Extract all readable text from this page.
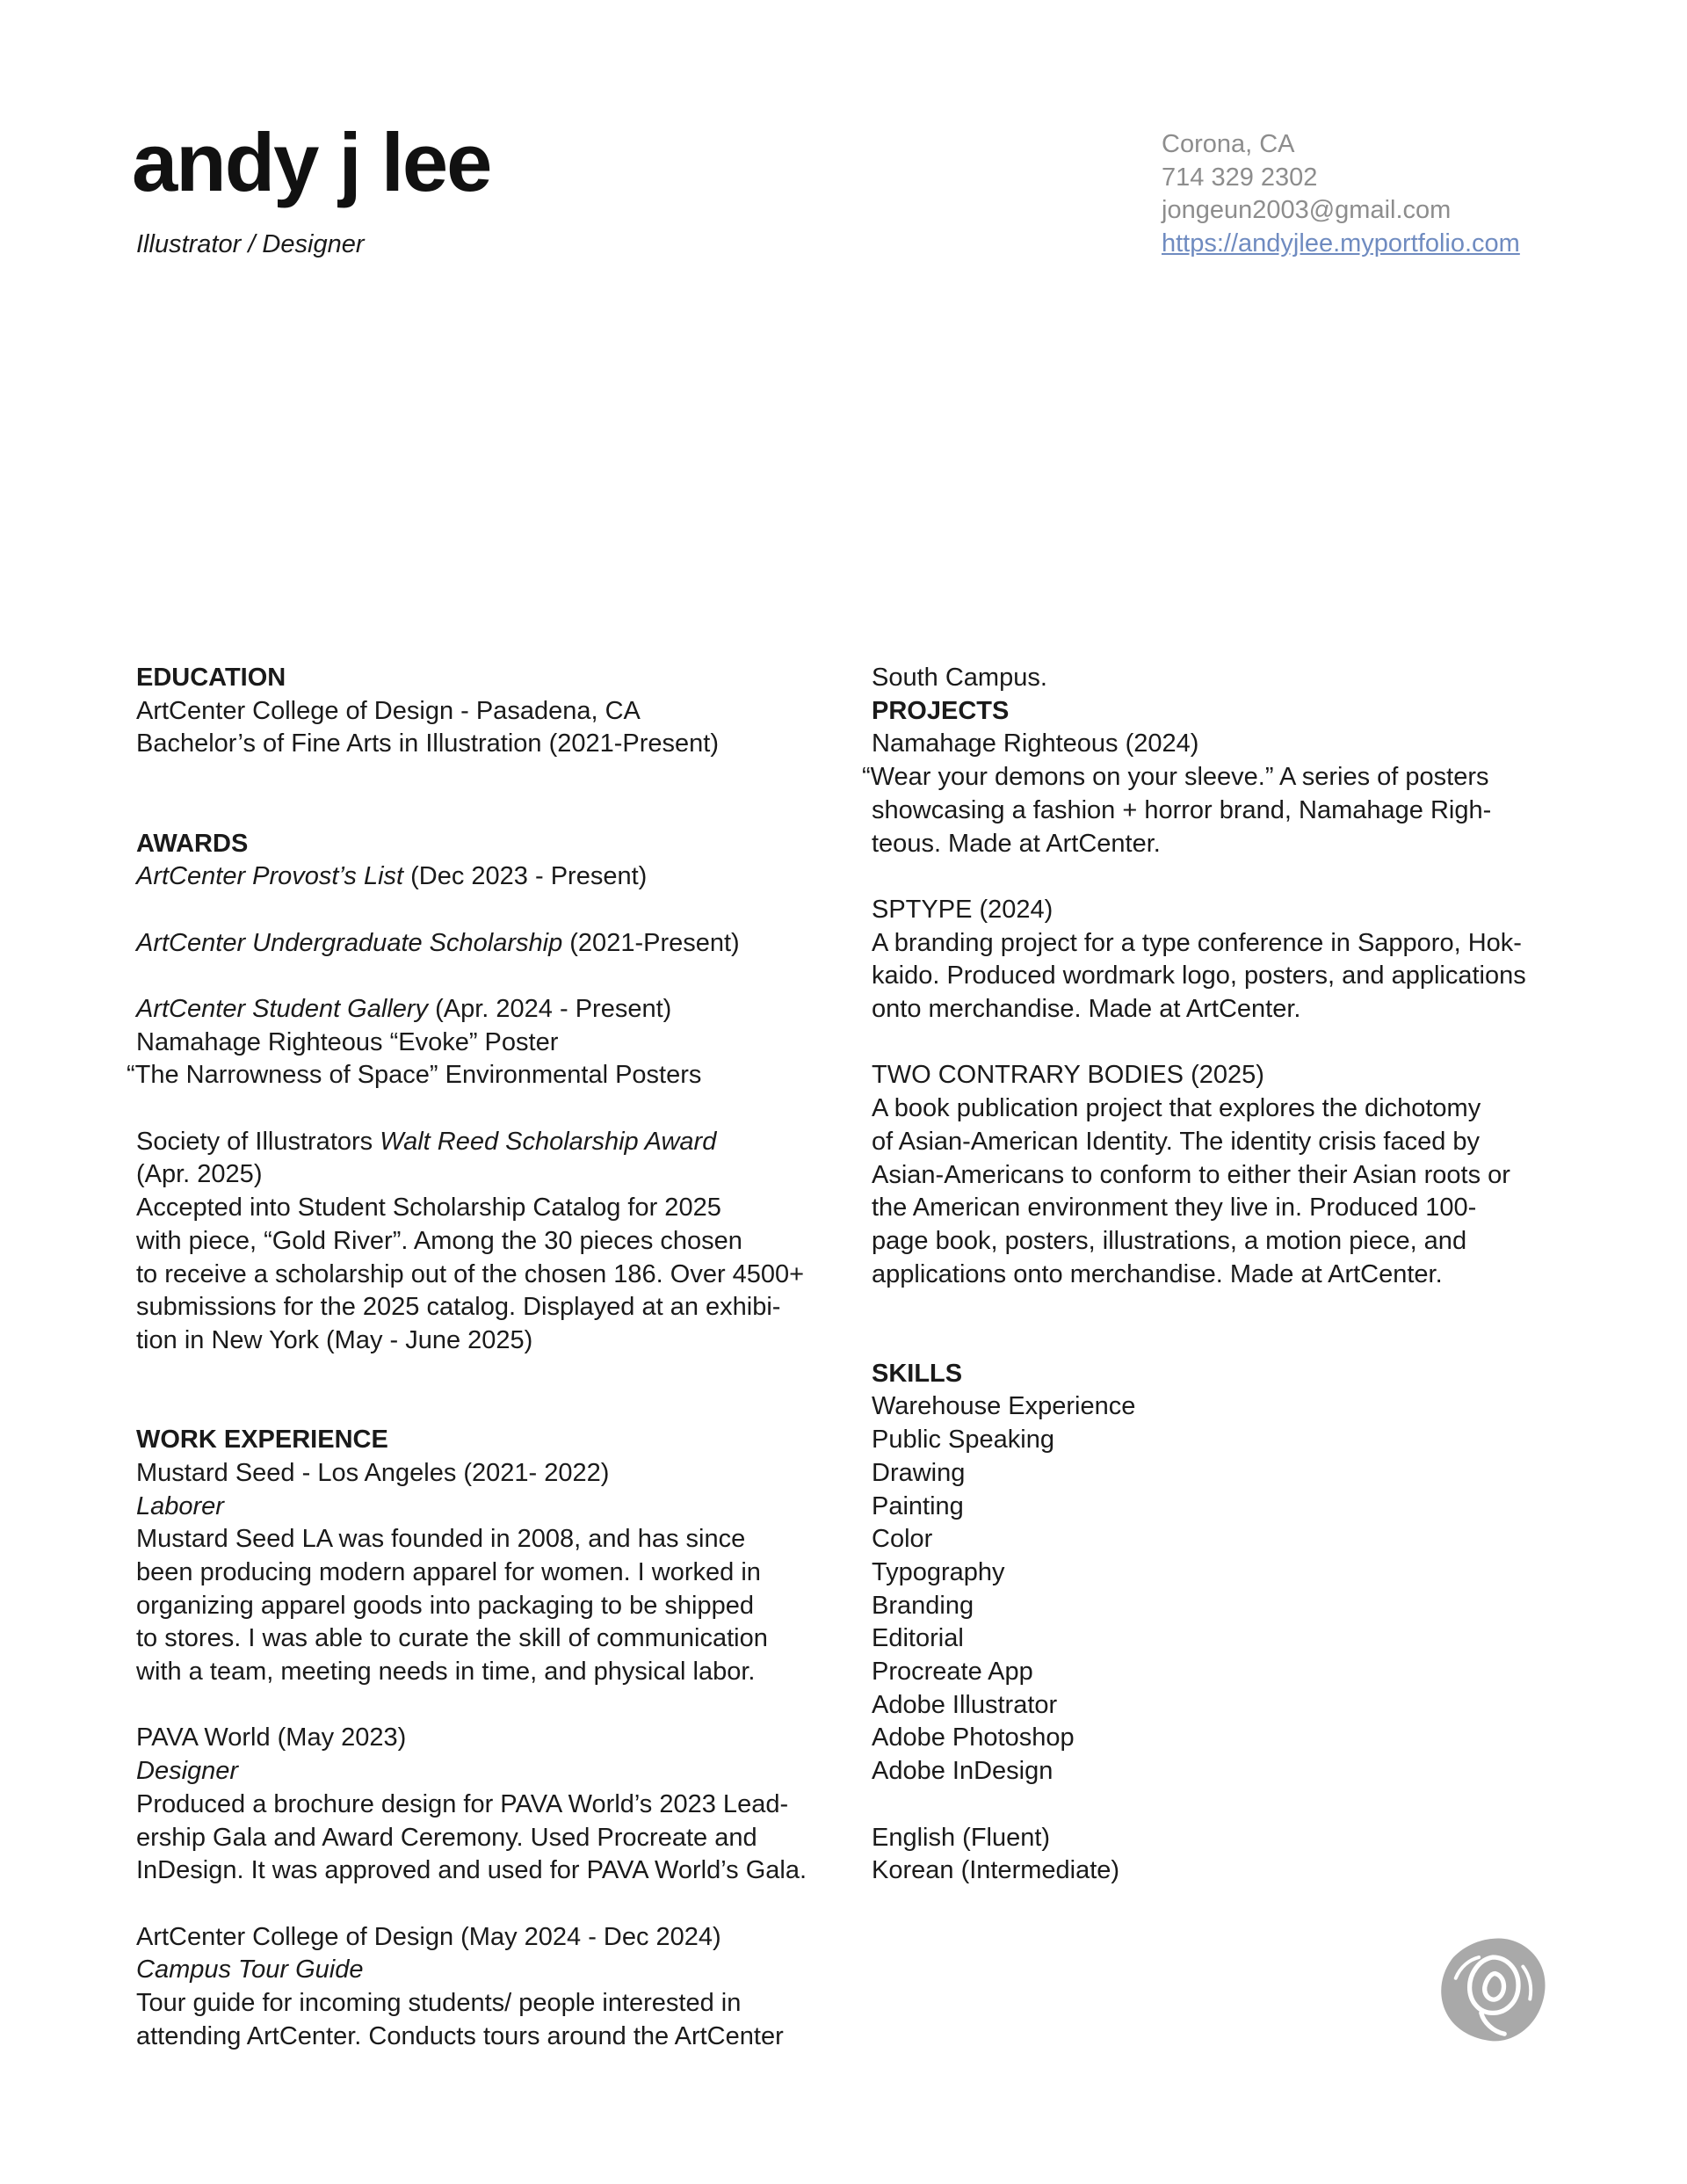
andy j lee
Illustrator / Designer
Corona, CA
714 329 2302
jongeun2003@gmail.com
https://andyjlee.myportfolio.com
EDUCATION
ArtCenter College of Design - Pasadena, CA
Bachelor’s of Fine Arts in Illustration (2021-Present)
AWARDS
ArtCenter Provost’s List (Dec 2023 - Present)
ArtCenter Undergraduate Scholarship (2021-Present)
ArtCenter Student Gallery (Apr. 2024 - Present)
Namahage Righteous “Evoke” Poster
“The Narrowness of Space” Environmental Posters
Society of Illustrators Walt Reed Scholarship Award
(Apr. 2025)
Accepted into Student Scholarship Catalog for 2025
with piece, “Gold River”. Among the 30 pieces chosen
to receive a scholarship out of the chosen 186. Over 4500+
submissions for the 2025 catalog. Displayed at an exhibi-
tion in New York (May - June 2025)
WORK EXPERIENCE
Mustard Seed - Los Angeles (2021- 2022)
Laborer
Mustard Seed LA was founded in 2008, and has since
been producing modern apparel for women. I worked in
organizing apparel goods into packaging to be shipped
to stores. I was able to curate the skill of communication
with a team, meeting needs in time, and physical labor.
PAVA World (May 2023)
Designer
Produced a brochure design for PAVA World’s 2023 Lead-
ership Gala and Award Ceremony. Used Procreate and
InDesign. It was approved and used for PAVA World’s Gala.
ArtCenter College of Design (May 2024 - Dec 2024)
Campus Tour Guide
Tour guide for incoming students/ people interested in
attending ArtCenter. Conducts tours around the ArtCenter
South Campus.
PROJECTS
Namahage Righteous (2024)
“Wear your demons on your sleeve.” A series of posters
showcasing a fashion + horror brand, Namahage Righ-
teous. Made at ArtCenter.
SPTYPE (2024)
A branding project for a type conference in Sapporo, Hok-
kaido. Produced wordmark logo, posters, and applications
onto merchandise. Made at ArtCenter.
TWO CONTRARY BODIES (2025)
A book publication project that explores the dichotomy
of Asian-American Identity. The identity crisis faced by
Asian-Americans to conform to either their Asian roots or
the American environment they live in. Produced 100-
page book, posters, illustrations, a motion piece, and
applications onto merchandise. Made at ArtCenter.
SKILLS
Warehouse Experience
Public Speaking
Drawing
Painting
Color
Typography
Branding
Editorial
Procreate App
Adobe Illustrator
Adobe Photoshop
Adobe InDesign
English (Fluent)
Korean (Intermediate)
